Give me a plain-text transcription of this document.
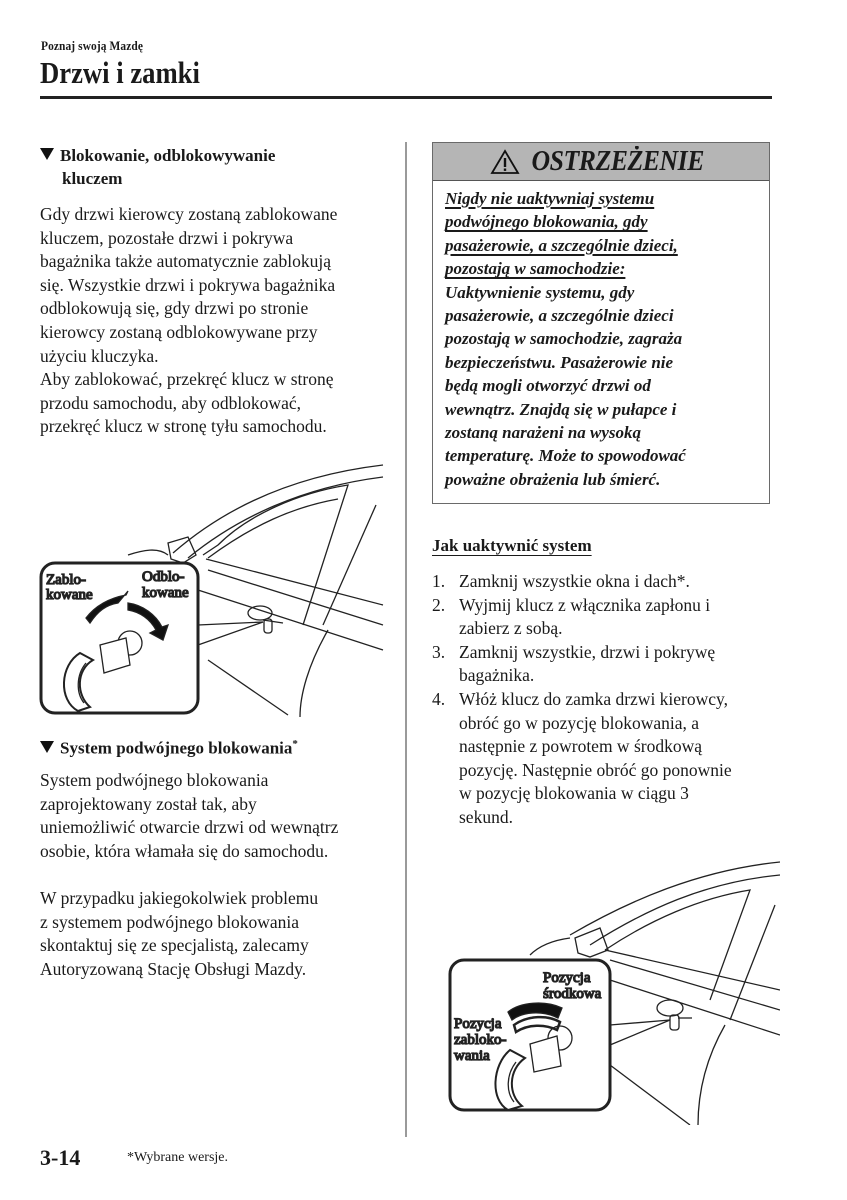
Poznaj swoją Mazdę
Drzwi i zamki
Blokowanie, odblokowywanie
kluczem

Gdy drzwi kierowcy zostaną zablokowane

kluczem, pozostałe drzwi i pokrywa

bagażnika także automatycznie zablokują

się. Wszystkie drzwi i pokrywa bagażnika

odblokowują się, gdy drzwi po stronie

kierowcy zostaną odblokowywane przy

użyciu kluczyka.

Aby zablokować, przekręć klucz w stronę

przodu samochodu, aby odblokować,

przekręć klucz w stronę tyłu samochodu.

Zablo-
kowane
Odblo-
kowane
System podwójnego blokowania*

System podwójnego blokowania

zaprojektowany został tak, aby

uniemożliwić otwarcie drzwi od wewnątrz

osobie, która włamała się do samochodu.

W przypadku jakiegokolwiek problemu

z systemem podwójnego blokowania

skontaktuj się ze specjalistą, zalecamy

Autoryzowaną Stację Obsługi Mazdy.

OSTRZEŻENIE
Nigdy nie uaktywniaj systemu
podwójnego blokowania, gdy
pasażerowie, a szczególnie dzieci,
pozostają w samochodzie:
Uaktywnienie systemu, gdy
pasażerowie, a szczególnie dzieci
pozostają w samochodzie, zagraża
bezpieczeństwu. Pasażerowie nie
będą mogli otworzyć drzwi od
wewnątrz. Znajdą się w pułapce i
zostaną narażeni na wysoką
temperaturę. Może to spowodować
poważne obrażenia lub śmierć.
Jak uaktywnić system
1. Zamknij wszystkie okna i dach*.
2. Wyjmij klucz z włącznika zapłonu i
zabierz z sobą.
3. Zamknij wszystkie, drzwi i pokrywę
bagażnika.
4. Włóż klucz do zamka drzwi kierowcy,
obróć go w pozycję blokowania, a
następnie z powrotem w środkową
pozycję. Następnie obróć go ponownie
w pozycję blokowania w ciągu 3
sekund.
Pozycja
środkowa
Pozycja
zabloko-
wania
3-14	*Wybrane wersje.
